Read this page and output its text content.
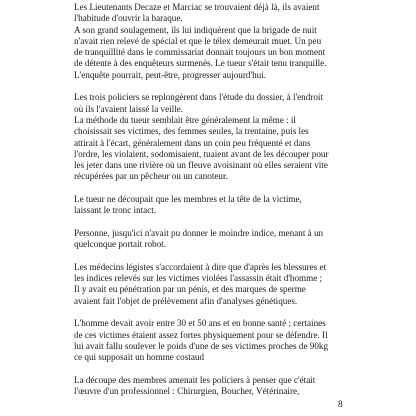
Les Lieutenants Decaze et Marciac se trouvaient déjà là, ils avaient
l'habitude d'ouvrir la baraque.
A son grand soulagement, ils lui indiquèrent que la brigade de nuit
n'avait rien relevé de spécial et que le télex demeurait muet. Un peu
de tranquillité dans le commissariat donnait toujours un bon moment
de détente à des enquêteurs surmenés. Le tueur s'était tenu tranquille.
L'enquête pourrait, peut-être, progresser aujourd'hui.
Les trois policiers se replongèrent dans l'étude du dossier, à l'endroit
où ils l'avaient laissé la veille.
La méthode du tueur semblait être généralement la même : il
choisissait ses victimes, des femmes seules, la trentaine, puis les
attirait à l'écart, généralement dans un coin peu fréquenté et dans
l'ordre, les violaient, sodomisaient, tuaient avant de les découper pour
les jeter dans une rivière où un fleuve avoisinant où elles seraient vite
récupérées par un pêcheur ou un canoteur.
Le tueur ne découpait que les membres et la tête de la victime,
laissant le tronc intact.
Personne, jusqu'ici n'avait pu donner le moindre indice, menant à un
quelconque portait robot.
Les médecins légistes s'accordaient à dire que d'après les blessures et
les indices relevés sur les victimes violées l'assassin était d'homme ;
Il y avait eu pénétration par un pénis, et des marques de sperme
avaient fait l'objet de prélèvement afin d'analyses génétiques.
L'homme devait avoir entre 30 et 50 ans et en bonne santé ; certaines
de ces victimes étaient assez fortes physiquement pour se défendre. Il
lui avait fallu soulever le poids d'une de ses victimes proches de 90kg
ce qui supposait un homme costaud
La découpe des membres amenait les policiers à penser que c'était
l'œuvre d'un professionnel : Chirurgien, Boucher, Vétérinaire,
8
